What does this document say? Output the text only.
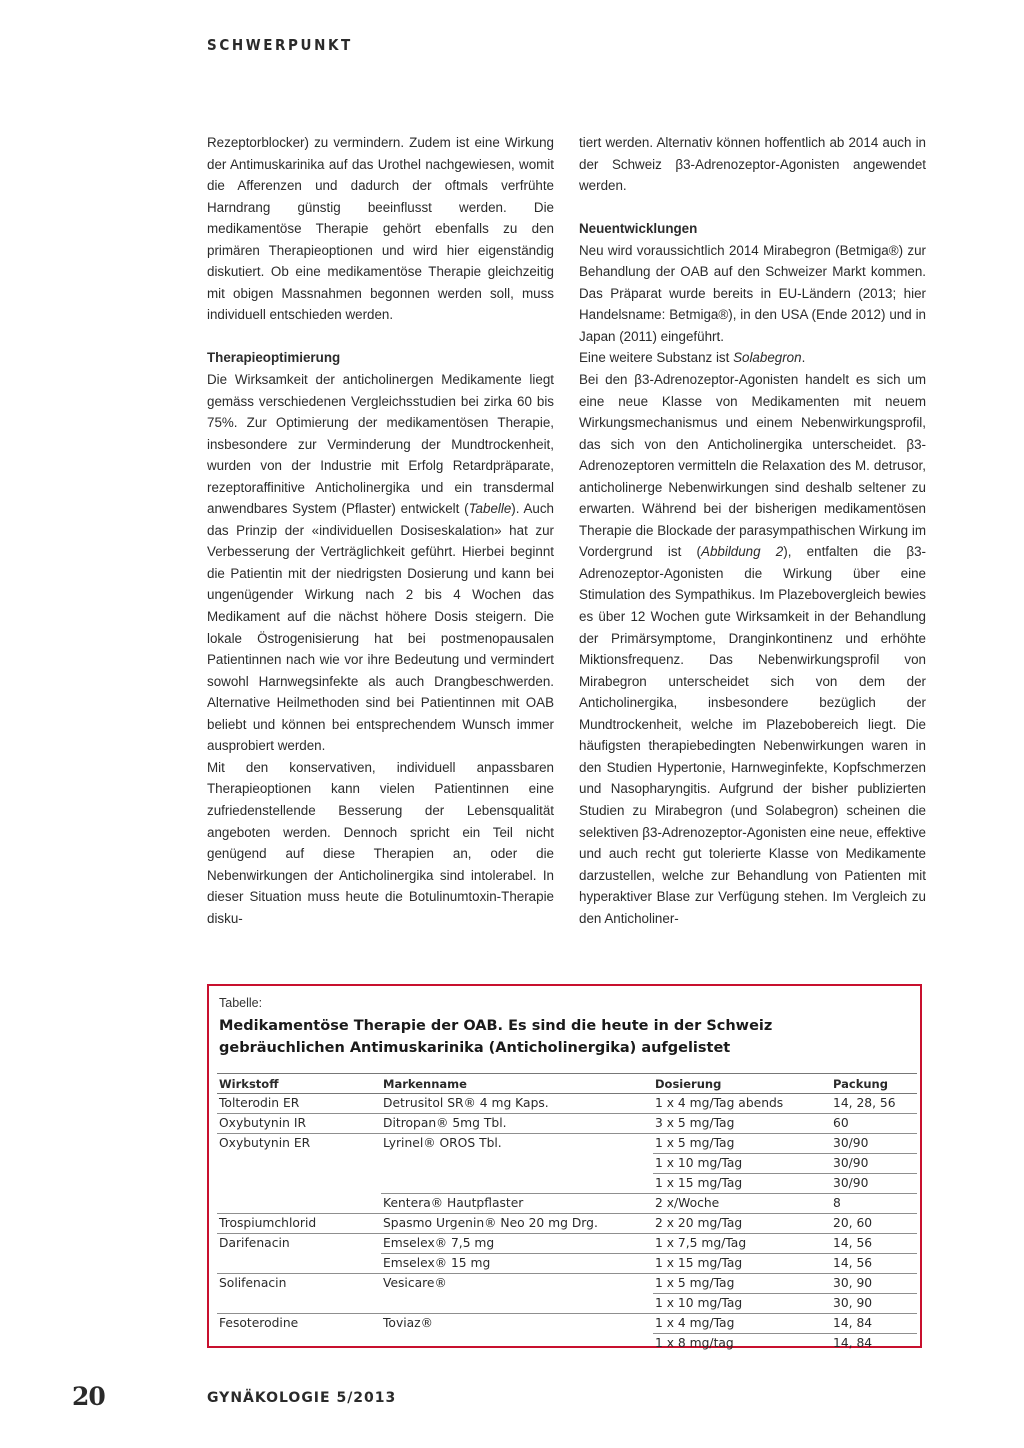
SCHWERPUNKT

Rezeptorblocker) zu vermindern. Zudem ist eine Wirkung der Antimuskarinika auf das Urothel nachgewiesen, womit die Afferenzen und dadurch der oftmals verfrühte Harndrang günstig beeinflusst werden. Die medikamentöse Therapie gehört ebenfalls zu den primären Therapieoptionen und wird hier eigenständig diskutiert. Ob eine medikamentöse Therapie gleichzeitig mit obigen Massnahmen begonnen werden soll, muss individuell entschieden werden.

Therapieoptimierung

Die Wirksamkeit der anticholinergen Medikamente liegt gemäss verschiedenen Vergleichsstudien bei zirka 60 bis 75%. Zur Optimierung der medikamentösen Therapie, insbesondere zur Verminderung der Mundtrockenheit, wurden von der Industrie mit Erfolg Retardpräparate, rezeptoraffinitive Anticholinergika und ein transdermal anwendbares System (Pflaster) entwickelt (Tabelle). Auch das Prinzip der «individuellen Dosiseskalation» hat zur Verbesserung der Verträglichkeit geführt. Hierbei beginnt die Patientin mit der niedrigsten Dosierung und kann bei ungenügender Wirkung nach 2 bis 4 Wochen das Medikament auf die nächst höhere Dosis steigern. Die lokale Östrogenisierung hat bei postmenopausalen Patientinnen nach wie vor ihre Bedeutung und vermindert sowohl Harnwegsinfekte als auch Drangbeschwerden. Alternative Heilmethoden sind bei Patientinnen mit OAB beliebt und können bei entsprechendem Wunsch immer ausprobiert werden.

Mit den konservativen, individuell anpassbaren Therapieoptionen kann vielen Patientinnen eine zufriedenstellende Besserung der Lebensqualität angeboten werden. Dennoch spricht ein Teil nicht genügend auf diese Therapien an, oder die Nebenwirkungen der Anticholinergika sind intolerabel. In dieser Situation muss heute die Botulinumtoxin-Therapie disku-

tiert werden. Alternativ können hoffentlich ab 2014 auch in der Schweiz β3-Adrenozeptor-Agonisten angewendet werden.

Neuentwicklungen

Neu wird voraussichtlich 2014 Mirabegron (Betmiga®) zur Behandlung der OAB auf den Schweizer Markt kommen. Das Präparat wurde bereits in EU-Ländern (2013; hier Handelsname: Betmiga®), in den USA (Ende 2012) und in Japan (2011) eingeführt.

Eine weitere Substanz ist Solabegron.

Bei den β3-Adrenozeptor-Agonisten handelt es sich um eine neue Klasse von Medikamenten mit neuem Wirkungsmechanismus und einem Nebenwirkungsprofil, das sich von den Anticholinergika unterscheidet. β3-Adrenozeptoren vermitteln die Relaxation des M. detrusor, anticholinerge Nebenwirkungen sind deshalb seltener zu erwarten. Während bei der bisherigen medikamentösen Therapie die Blockade der parasympathischen Wirkung im Vordergrund ist (Abbildung 2), entfalten die β3-Adrenozeptor-Agonisten die Wirkung über eine Stimulation des Sympathikus. Im Plazebovergleich bewies es über 12 Wochen gute Wirksamkeit in der Behandlung der Primärsymptome, Dranginkontinenz und erhöhte Miktionsfrequenz. Das Nebenwirkungsprofil von Mirabegron unterscheidet sich von dem der Anticholinergika, insbesondere bezüglich der Mundtrockenheit, welche im Plazebobereich liegt. Die häufigsten therapiebedingten Nebenwirkungen waren in den Studien Hypertonie, Harnweginfekte, Kopfschmerzen und Nasopharyngitis. Aufgrund der bisher publizierten Studien zu Mirabegron (und Solabegron) scheinen die selektiven β3-Adrenozeptor-Agonisten eine neue, effektive und auch recht gut tolerierte Klasse von Medikamente darzustellen, welche zur Behandlung von Patienten mit hyperaktiver Blase zur Verfügung stehen. Im Vergleich zu den Anticholiner-

Tabelle:
Medikamentöse Therapie der OAB. Es sind die heute in der Schweiz gebräuchlichen Antimuskarinika (Anticholinergika) aufgelistet
Wirkstoff	Markenname	Dosierung	Packung
Tolterodin ER	Detrusitol SR® 4 mg Kaps.	1 x 4 mg/Tag abends	14, 28, 56
Oxybutynin IR	Ditropan® 5mg Tbl.	3 x 5 mg/Tag	60
Oxybutynin ER	Lyrinel® OROS Tbl.	1 x 5 mg/Tag	30/90
		1 x 10 mg/Tag	30/90
		1 x 15 mg/Tag	30/90
	Kentera® Hautpflaster	2 x/Woche	8
Trospiumchlorid	Spasmo Urgenin® Neo 20 mg Drg.	2 x 20 mg/Tag	20, 60
Darifenacin	Emselex® 7,5 mg	1 x 7,5 mg/Tag	14, 56
	Emselex® 15 mg	1 x 15 mg/Tag	14, 56
Solifenacin	Vesicare®	1 x 5 mg/Tag	30, 90
		1 x 10 mg/Tag	30, 90
Fesoterodine	Toviaz®	1 x 4 mg/Tag	14, 84
		1 x 8 mg/tag	14, 84
20	GYNÄKOLOGIE 5/2013
